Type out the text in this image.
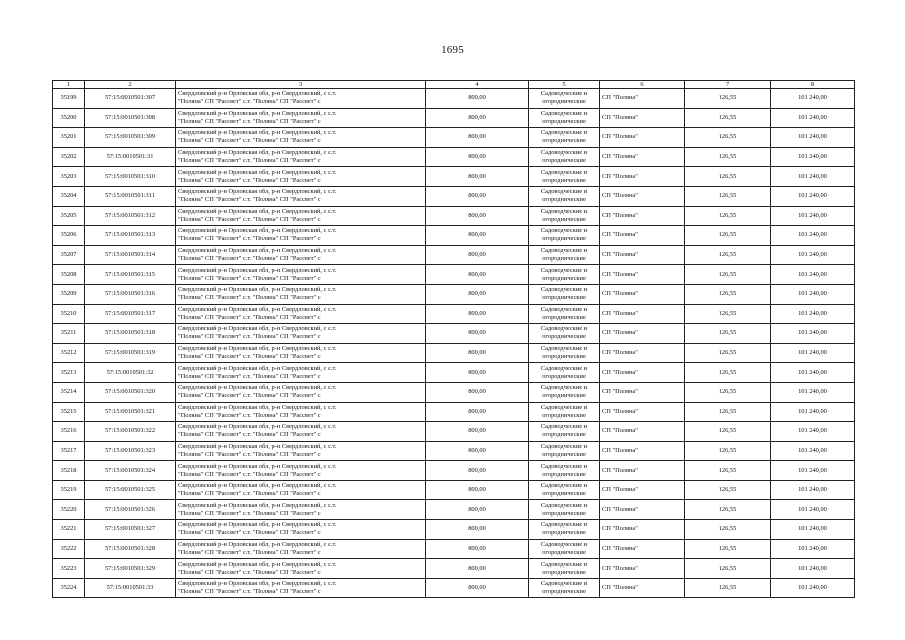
1695
1	2	3	4	5	6	7	8
35199	57:15:0010501:307	Свердловский р-н Орловская обл, р-н Свердловский, с с.т.
"Поляна" СП "Рассвет" с.т. "Поляна" СП "Рассвет" с	800,00	Садоводческие и
огороднические	СП "Поляна"	126,55	101 240,00
35200	57:15:0010501:308	Свердловский р-н Орловская обл, р-н Свердловский, с с.т.
"Поляна" СП "Рассвет" с.т. "Поляна" СП "Рассвет" с	800,00	Садоводческие и
огороднические	СП "Поляна"	126,55	101 240,00
35201	57:15:0010501:309	Свердловский р-н Орловская обл, р-н Свердловский, с с.т.
"Поляна" СП "Рассвет" с.т. "Поляна" СП "Рассвет" с	800,00	Садоводческие и
огороднические	СП "Поляна"	126,55	101 240,00
35202	57:15:0010501:31	Свердловский р-н Орловская обл, р-н Свердловский, с с.т.
"Поляна" СП "Рассвет" с.т. "Поляна" СП "Рассвет" с	800,00	Садоводческие и
огороднические	СП "Поляна"	126,55	101 240,00
35203	57:15:0010501:310	Свердловский р-н Орловская обл, р-н Свердловский, с с.т.
"Поляна" СП "Рассвет" с.т. "Поляна" СП "Рассвет" с	800,00	Садоводческие и
огороднические	СП "Поляна"	126,55	101 240,00
35204	57:15:0010501:311	Свердловский р-н Орловская обл, р-н Свердловский, с с.т.
"Поляна" СП "Рассвет" с.т. "Поляна" СП "Рассвет" с	800,00	Садоводческие и
огороднические	СП "Поляна"	126,55	101 240,00
35205	57:15:0010501:312	Свердловский р-н Орловская обл, р-н Свердловский, с с.т.
"Поляна" СП "Рассвет" с.т. "Поляна" СП "Рассвет" с	800,00	Садоводческие и
огороднические	СП "Поляна"	126,55	101 240,00
35206	57:15:0010501:313	Свердловский р-н Орловская обл, р-н Свердловский, с с.т.
"Поляна" СП "Рассвет" с.т. "Поляна" СП "Рассвет" с	800,00	Садоводческие и
огороднические	СП "Поляна"	126,55	101 240,00
35207	57:15:0010501:314	Свердловский р-н Орловская обл, р-н Свердловский, с с.т.
"Поляна" СП "Рассвет" с.т. "Поляна" СП "Рассвет" с	800,00	Садоводческие и
огороднические	СП "Поляна"	126,55	101 240,00
35208	57:15:0010501:315	Свердловский р-н Орловская обл, р-н Свердловский, с с.т.
"Поляна" СП "Рассвет" с.т. "Поляна" СП "Рассвет" с	800,00	Садоводческие и
огороднические	СП "Поляна"	126,55	101 240,00
35209	57:15:0010501:316	Свердловский р-н Орловская обл, р-н Свердловский, с с.т.
"Поляна" СП "Рассвет" с.т. "Поляна" СП "Рассвет" с	800,00	Садоводческие и
огороднические	СП "Поляна"	126,55	101 240,00
35210	57:15:0010501:317	Свердловский р-н Орловская обл, р-н Свердловский, с с.т.
"Поляна" СП "Рассвет" с.т. "Поляна" СП "Рассвет" с	800,00	Садоводческие и
огороднические	СП "Поляна"	126,55	101 240,00
35211	57:15:0010501:318	Свердловский р-н Орловская обл, р-н Свердловский, с с.т.
"Поляна" СП "Рассвет" с.т. "Поляна" СП "Рассвет" с	800,00	Садоводческие и
огороднические	СП "Поляна"	126,55	101 240,00
35212	57:15:0010501:319	Свердловский р-н Орловская обл, р-н Свердловский, с с.т.
"Поляна" СП "Рассвет" с.т. "Поляна" СП "Рассвет" с	800,00	Садоводческие и
огороднические	СП "Поляна"	126,55	101 240,00
35213	57:15:0010501:32	Свердловский р-н Орловская обл, р-н Свердловский, с с.т.
"Поляна" СП "Рассвет" с.т. "Поляна" СП "Рассвет" с	800,00	Садоводческие и
огороднические	СП "Поляна"	126,55	101 240,00
35214	57:15:0010501:320	Свердловский р-н Орловская обл, р-н Свердловский, с с.т.
"Поляна" СП "Рассвет" с.т. "Поляна" СП "Рассвет" с	800,00	Садоводческие и
огороднические	СП "Поляна"	126,55	101 240,00
35215	57:15:0010501:321	Свердловский р-н Орловская обл, р-н Свердловский, с с.т.
"Поляна" СП "Рассвет" с.т. "Поляна" СП "Рассвет" с	800,00	Садоводческие и
огороднические	СП "Поляна"	126,55	101 240,00
35216	57:15:0010501:322	Свердловский р-н Орловская обл, р-н Свердловский, с с.т.
"Поляна" СП "Рассвет" с.т. "Поляна" СП "Рассвет" с	800,00	Садоводческие и
огороднические	СП "Поляна"	126,55	101 240,00
35217	57:15:0010501:323	Свердловский р-н Орловская обл, р-н Свердловский, с с.т.
"Поляна" СП "Рассвет" с.т. "Поляна" СП "Рассвет" с	800,00	Садоводческие и
огороднические	СП "Поляна"	126,55	101 240,00
35218	57:15:0010501:324	Свердловский р-н Орловская обл, р-н Свердловский, с с.т.
"Поляна" СП "Рассвет" с.т. "Поляна" СП "Рассвет" с	800,00	Садоводческие и
огороднические	СП "Поляна"	126,55	101 240,00
35219	57:15:0010501:325	Свердловский р-н Орловская обл, р-н Свердловский, с с.т.
"Поляна" СП "Рассвет" с.т. "Поляна" СП "Рассвет" с	800,00	Садоводческие и
огороднические	СП "Поляна"	126,55	101 240,00
35220	57:15:0010501:326	Свердловский р-н Орловская обл, р-н Свердловский, с с.т.
"Поляна" СП "Рассвет" с.т. "Поляна" СП "Рассвет" с	800,00	Садоводческие и
огороднические	СП "Поляна"	126,55	101 240,00
35221	57:15:0010501:327	Свердловский р-н Орловская обл, р-н Свердловский, с с.т.
"Поляна" СП "Рассвет" с.т. "Поляна" СП "Рассвет" с	800,00	Садоводческие и
огороднические	СП "Поляна"	126,55	101 240,00
35222	57:15:0010501:328	Свердловский р-н Орловская обл, р-н Свердловский, с с.т.
"Поляна" СП "Рассвет" с.т. "Поляна" СП "Рассвет" с	800,00	Садоводческие и
огороднические	СП "Поляна"	126,55	101 240,00
35223	57:15:0010501:329	Свердловский р-н Орловская обл, р-н Свердловский, с с.т.
"Поляна" СП "Рассвет" с.т. "Поляна" СП "Рассвет" с	800,00	Садоводческие и
огороднические	СП "Поляна"	126,55	101 240,00
35224	57:15:0010501:33	Свердловский р-н Орловская обл, р-н Свердловский, с с.т.
"Поляна" СП "Рассвет" с.т. "Поляна" СП "Рассвет" с	800,00	Садоводческие и
огороднические	СП "Поляна"	126,55	101 240,00
